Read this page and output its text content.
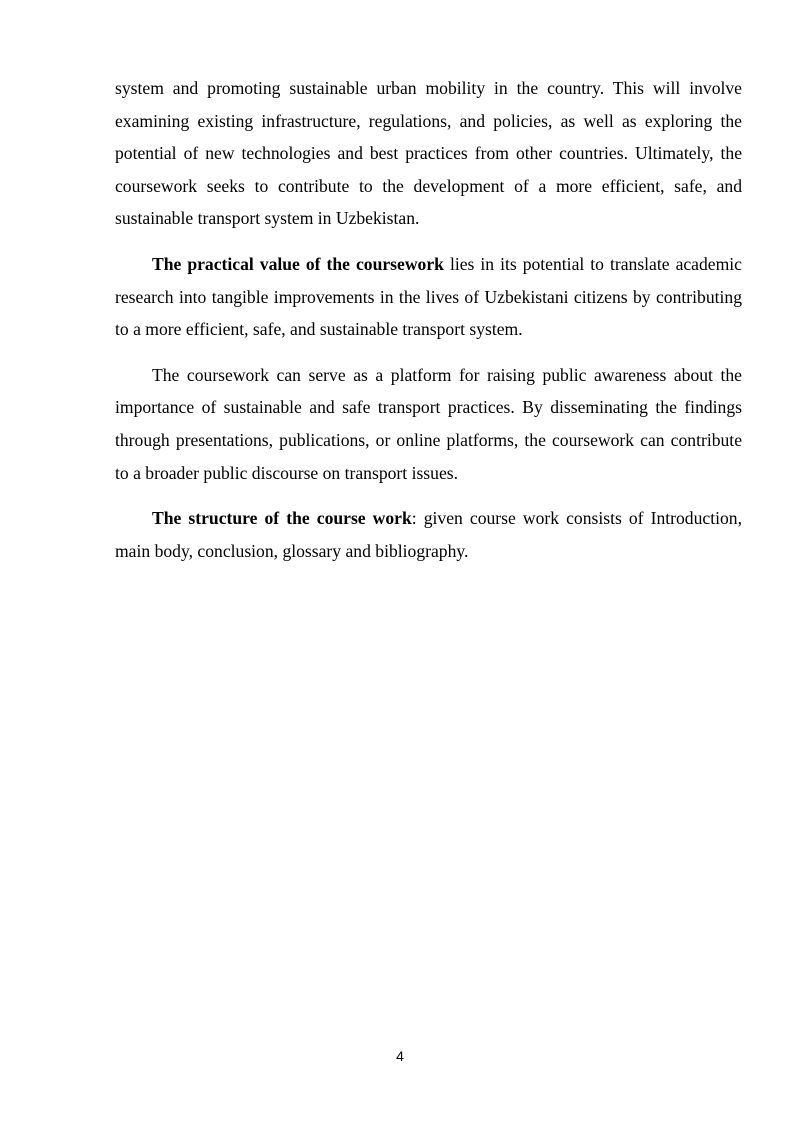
system and promoting sustainable urban mobility in the country. This will involve examining existing infrastructure, regulations, and policies, as well as exploring the potential of new technologies and best practices from other countries. Ultimately, the coursework seeks to contribute to the development of a more efficient, safe, and sustainable transport system in Uzbekistan.

The practical value of the coursework lies in its potential to translate academic research into tangible improvements in the lives of Uzbekistani citizens by contributing to a more efficient, safe, and sustainable transport system.

The coursework can serve as a platform for raising public awareness about the importance of sustainable and safe transport practices. By disseminating the findings through presentations, publications, or online platforms, the coursework can contribute to a broader public discourse on transport issues.

The structure of the course work: given course work consists of Introduction, main body, conclusion, glossary and bibliography.

4
